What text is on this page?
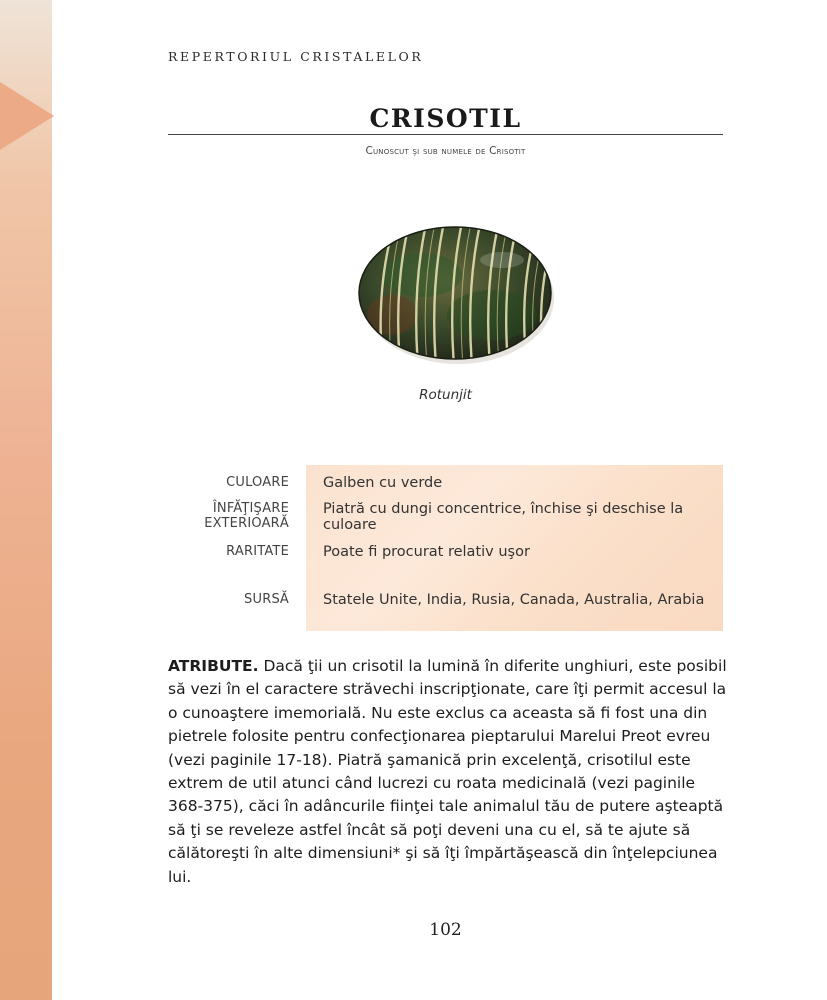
REPERTORIUL CRISTALELOR
CRISOTIL
Cunoscut şi sub numele de Crisotit
Rotunjit
CULOARE Galben cu verde
ÎNFĂŢIŞARE
EXTERIOARĂ
Piatră cu dungi concentrice, închise şi deschise la culoare
RARITATE Poate fi procurat relativ uşor
SURSĂ Statele Unite, India, Rusia, Canada, Australia, Arabia
ATRIBUTE. Dacă ţii un crisotil la lumină în diferite unghiuri, este posibil să vezi în el caractere străvechi inscripţionate, care îţi permit accesul la o cunoaştere imemorială. Nu este exclus ca aceasta să fi fost una din pietrele folosite pentru confecţionarea pieptarului Marelui Preot evreu (vezi paginile 17-18). Piatră şamanică prin excelenţă, crisotilul este extrem de util atunci când lucrezi cu roata medicinală (vezi paginile 368-375), căci în adâncurile fiinţei tale animalul tău de putere aşteaptă să ţi se reveleze astfel încât să poţi deveni una cu el, să te ajute să călătoreşti în alte dimensiuni* şi să îţi împărtăşească din înţelepciunea lui.
102
